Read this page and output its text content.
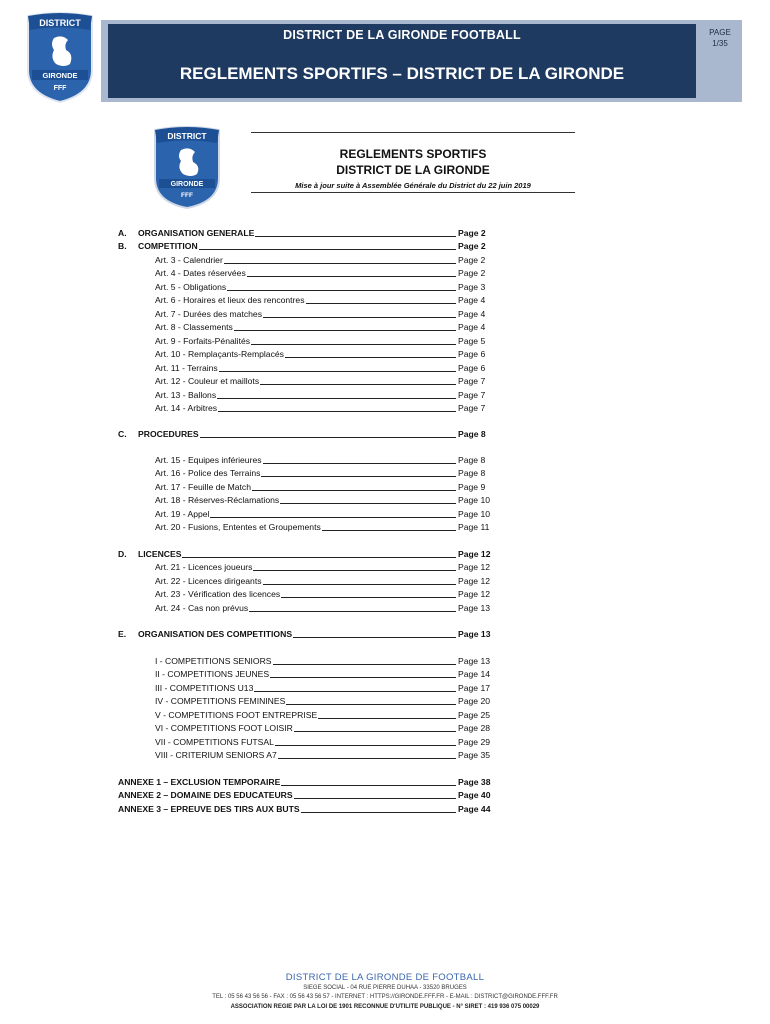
DISTRICT
GIRONDE
FFF
DISTRICT DE LA GIRONDE FOOTBALL
REGLEMENTS SPORTIFS – DISTRICT DE LA GIRONDE
PAGE
1/35
DISTRICT
GIRONDE
FFF
REGLEMENTS SPORTIFS
DISTRICT DE LA GIRONDE
Mise à jour suite à Assemblée Générale du District du 22 juin 2019
A.	ORGANISATION GENERALE	Page 2
B.	COMPETITION	Page 2
Art. 3 - Calendrier	Page 2
Art. 4 - Dates réservées	Page 2
Art. 5 - Obligations	Page 3
Art. 6 - Horaires et lieux des rencontres	Page 4
Art. 7 - Durées des matches	Page 4
Art. 8 - Classements	Page 4
Art. 9 - Forfaits-Pénalités	Page 5
Art. 10 - Remplaçants-Remplacés	Page 6
Art. 11 - Terrains	Page 6
Art. 12 - Couleur et maillots	Page 7
Art. 13 - Ballons	Page 7
Art. 14 - Arbitres	Page 7
C.	PROCEDURES	Page 8
Art. 15 - Equipes inférieures	Page 8
Art. 16 - Police des Terrains	Page 8
Art. 17 - Feuille de Match	Page 9
Art. 18 - Réserves-Réclamations	Page 10
Art. 19 - Appel	Page 10
Art. 20 - Fusions, Ententes et Groupements	Page 11
D.	LICENCES	Page 12
Art. 21 - Licences joueurs	Page 12
Art. 22 - Licences dirigeants	Page 12
Art. 23 - Vérification des licences	Page 12
Art. 24 - Cas non prévus	Page 13
E.	ORGANISATION DES COMPETITIONS	Page 13
I - COMPETITIONS SENIORS	Page 13
II - COMPETITIONS JEUNES	Page 14
III - COMPETITIONS U13	Page 17
IV - COMPETITIONS FEMININES	Page 20
V - COMPETITIONS FOOT ENTREPRISE	Page 25
VI - COMPETITIONS FOOT LOISIR	Page 28
VII - COMPETITIONS FUTSAL	Page 29
VIII - CRITERIUM SENIORS A7	Page 35
ANNEXE 1 – EXCLUSION TEMPORAIRE	Page 38
ANNEXE 2 – DOMAINE DES EDUCATEURS	Page 40
ANNEXE 3 – EPREUVE DES TIRS AUX BUTS	Page 44
DISTRICT DE LA GIRONDE DE FOOTBALL
SIEGE SOCIAL - 04 RUE PIERRE DUHAA - 33520 BRUGES
TEL : 05 56 43 56 56 - FAX : 05 56 43 56 57 - INTERNET : HTTPS://GIRONDE.FFF.FR - E-MAIL : DISTRICT@GIRONDE.FFF.FR
ASSOCIATION REGIE PAR LA LOI DE 1901 RECONNUE D'UTILITE PUBLIQUE - N° SIRET : 419 936 075 00029
